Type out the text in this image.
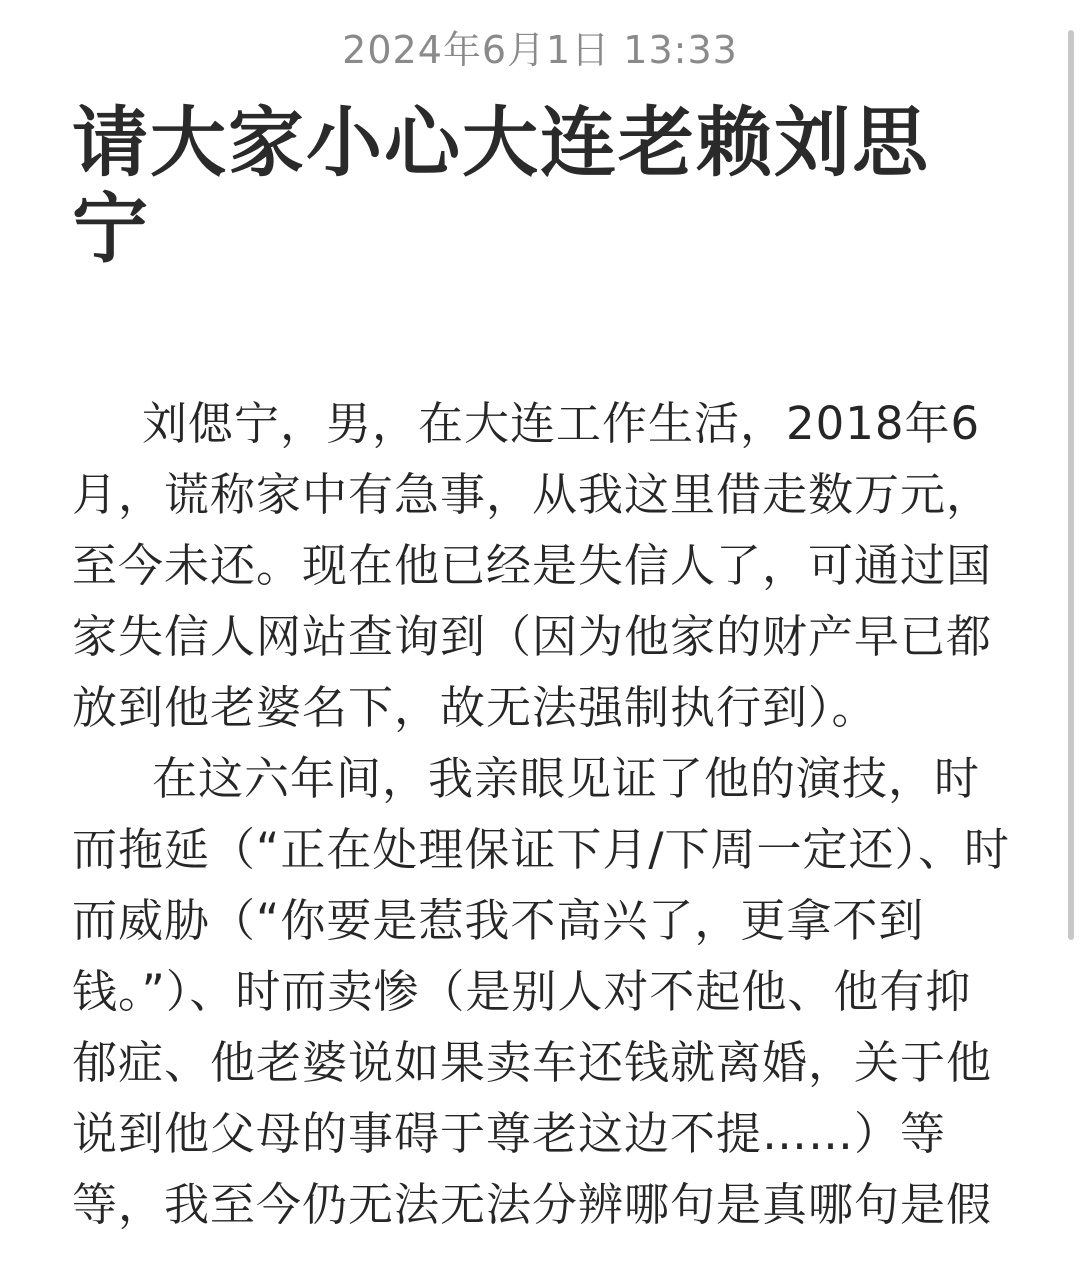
2024年6月1日 13:33
请大家小心大连老赖刘思宁

刘偲宁，男，在大连工作生活，2018年6月，谎称家中有急事，从我这里借走数万元，至今未还。现在他已经是失信人了，可通过国家失信人网站查询到（因为他家的财产早已都放到他老婆名下，故无法强制执行到）。

在这六年间，我亲眼见证了他的演技，时而拖延（“正在处理保证下月/下周一定还）、时而威胁（“你要是惹我不高兴了，更拿不到钱。”）、时而卖惨（是别人对不起他、他有抑郁症、他老婆说如果卖车还钱就离婚，关于他说到他父母的事碍于尊老这边不提……）等等，我至今仍无法无法分辨哪句是真哪句是假
